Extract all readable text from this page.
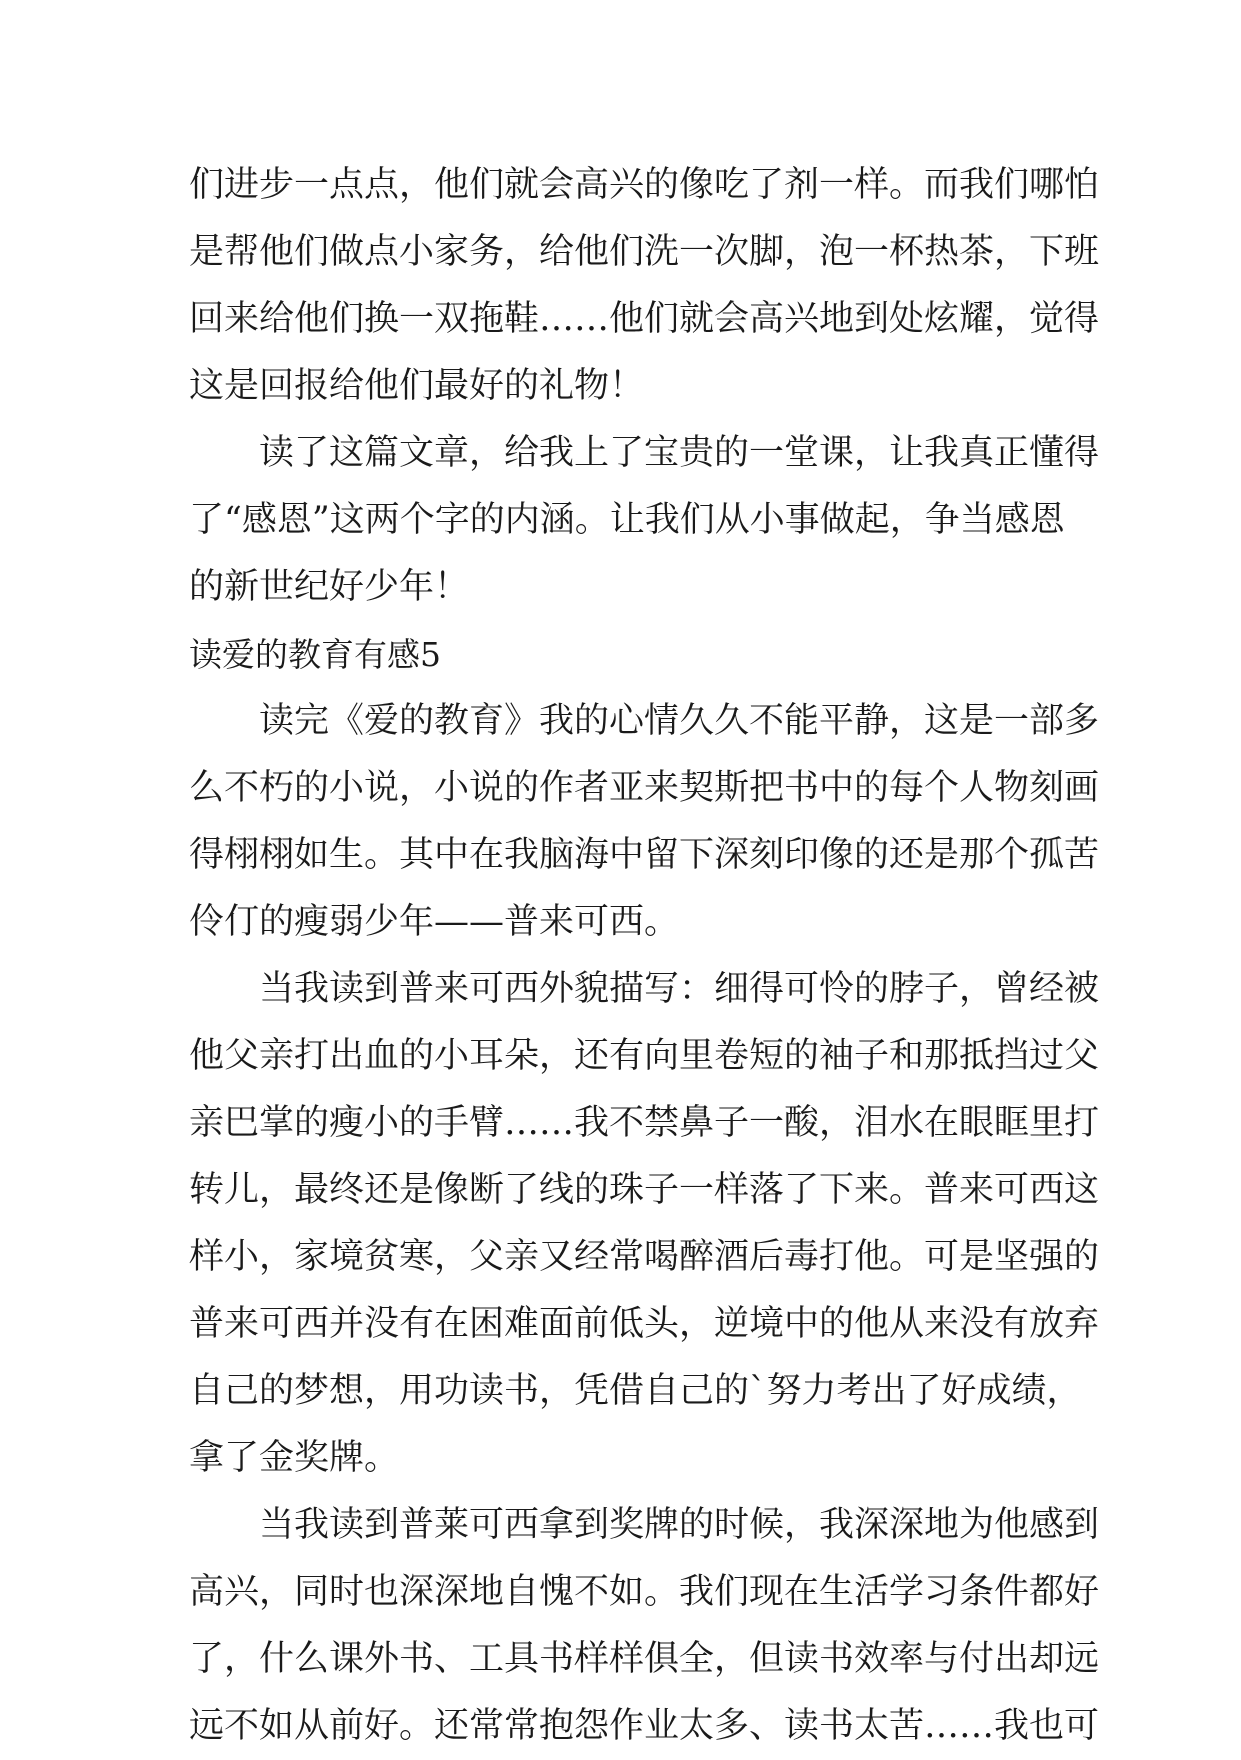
们进步一点点，他们就会高兴的像吃了剂一样。而我们哪怕
是帮他们做点小家务，给他们洗一次脚，泡一杯热茶，下班
回来给他们换一双拖鞋……他们就会高兴地到处炫耀，觉得
这是回报给他们最好的礼物！
读了这篇文章，给我上了宝贵的一堂课，让我真正懂得
了“感恩”这两个字的内涵。让我们从小事做起，争当感恩
的新世纪好少年！
读爱的教育有感5
读完《爱的教育》我的心情久久不能平静，这是一部多
么不朽的小说，小说的作者亚来契斯把书中的每个人物刻画
得栩栩如生。其中在我脑海中留下深刻印像的还是那个孤苦
伶仃的瘦弱少年——普来可西。
当我读到普来可西外貌描写：细得可怜的脖子，曾经被
他父亲打出血的小耳朵，还有向里卷短的袖子和那抵挡过父
亲巴掌的瘦小的手臂……我不禁鼻子一酸，泪水在眼眶里打
转儿，最终还是像断了线的珠子一样落了下来。普来可西这
样小，家境贫寒，父亲又经常喝醉酒后毒打他。可是坚强的
普来可西并没有在困难面前低头，逆境中的他从来没有放弃
自己的梦想，用功读书，凭借自己的`努力考出了好成绩，
拿了金奖牌。
当我读到普莱可西拿到奖牌的时候，我深深地为他感到
高兴，同时也深深地自愧不如。我们现在生活学习条件都好
了，什么课外书、工具书样样俱全，但读书效率与付出却远
远不如从前好。还常常抱怨作业太多、读书太苦……我也可
